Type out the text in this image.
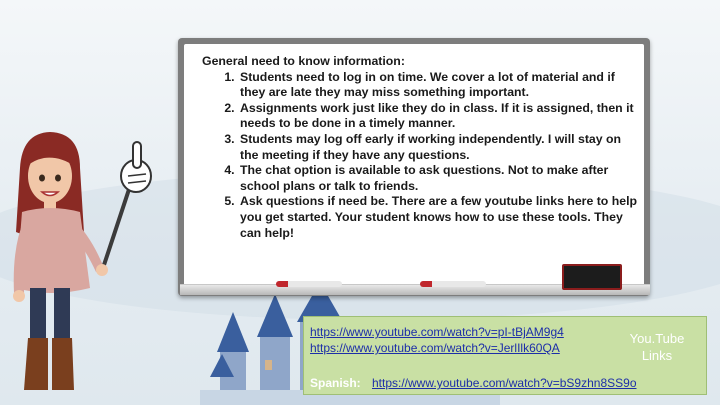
General need to know information:
1. Students need to log in on time. We cover a lot of material and if they are late they may miss something important.
2. Assignments work just like they do in class. If it is assigned, then it needs to be done in a timely manner.
3. Students may log off early if working independently. I will stay on the meeting if they have any questions.
4. The chat option is available to ask questions. Not to make after school plans or talk to friends.
5. Ask questions if need be. There are a few youtube links here to help you get started. Your student knows how to use these tools. They can help!
https://www.youtube.com/watch?v=pI-tBjAM9g4
https://www.youtube.com/watch?v=JerlIlk60QA
You.Tube Links
Spanish: https://www.youtube.com/watch?v=bS9zhn8SS9o
